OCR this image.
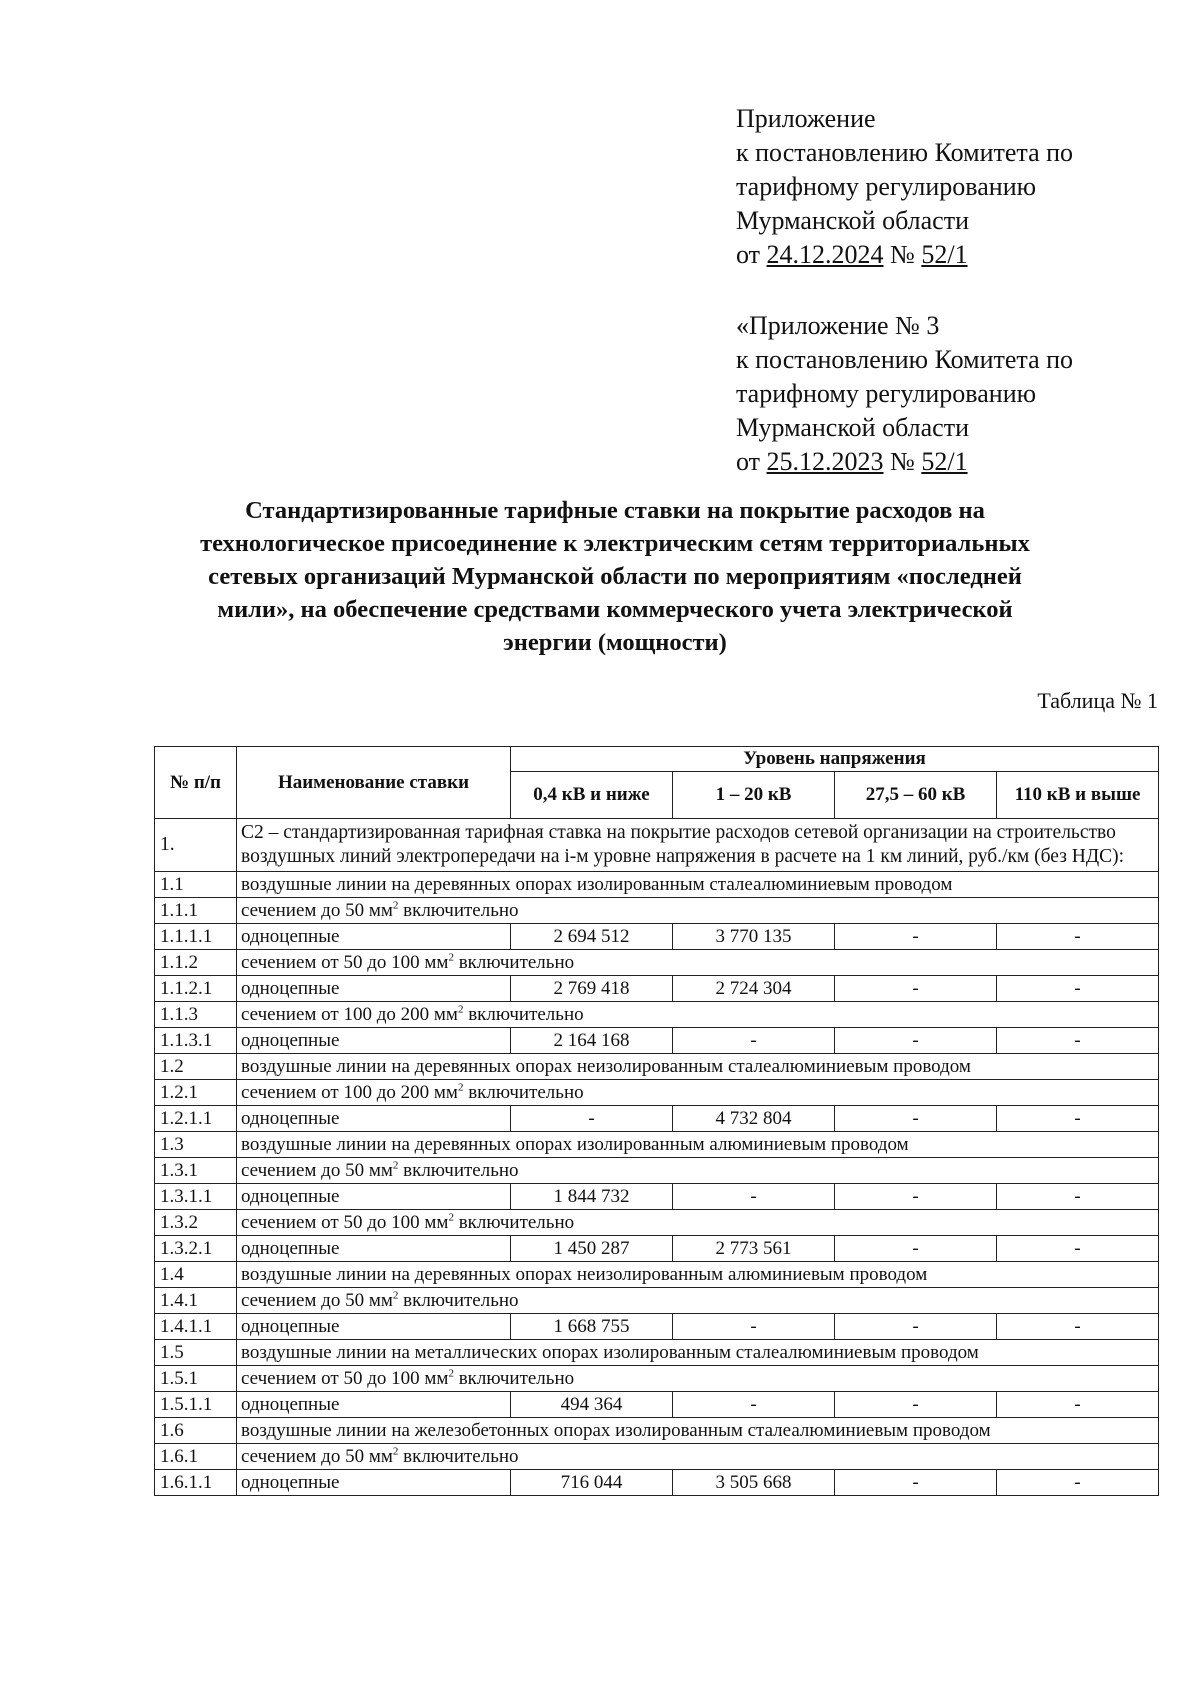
Приложение
к постановлению Комитета по
тарифному регулированию
Мурманской области
от 24.12.2024 № 52/1
«Приложение № 3
к постановлению Комитета по
тарифному регулированию
Мурманской области
от 25.12.2023 № 52/1
Стандартизированные тарифные ставки на покрытие расходов на
технологическое присоединение к электрическим сетям территориальных
сетевых организаций Мурманской области по мероприятиям «последней
мили», на обеспечение средствами коммерческого учета электрической
энергии (мощности)
Таблица № 1
№ п/п	Наименование ставки	Уровень напряжения			
		0,4 кВ и ниже	1 – 20 кВ	27,5 – 60 кВ	110 кВ и выше
1.	С2 – стандартизированная тарифная ставка на покрытие расходов сетевой организации на строительство воздушных линий электропередачи на i-м уровне напряжения в расчете на 1 км линий, руб./км (без НДС):				
1.1	воздушные линии на деревянных опорах изолированным сталеалюминиевым проводом				
1.1.1	сечением до 50 $мм^2$ включительно				
1.1.1.1	одноцепные	2 694 512	3 770 135	-	-
1.1.2	сечением от 50 до 100 $мм^2$ включительно				
1.1.2.1	одноцепные	2 769 418	2 724 304	-	-
1.1.3	сечением от 100 до 200 $мм^2$ включительно				
1.1.3.1	одноцепные	2 164 168	-	-	-
1.2	воздушные линии на деревянных опорах неизолированным сталеалюминиевым проводом				
1.2.1	сечением от 100 до 200 $мм^2$ включительно				
1.2.1.1	одноцепные	-	4 732 804	-	-
1.3	воздушные линии на деревянных опорах изолированным алюминиевым проводом				
1.3.1	сечением до 50 $мм^2$ включительно				
1.3.1.1	одноцепные	1 844 732	-	-	-
1.3.2	сечением от 50 до 100 $мм^2$ включительно				
1.3.2.1	одноцепные	1 450 287	2 773 561	-	-
1.4	воздушные линии на деревянных опорах неизолированным алюминиевым проводом				
1.4.1	сечением до 50 $мм^2$ включительно				
1.4.1.1	одноцепные	1 668 755	-	-	-
1.5	воздушные линии на металлических опорах изолированным сталеалюминиевым проводом				
1.5.1	сечением от 50 до 100 $мм^2$ включительно				
1.5.1.1	одноцепные	494 364	-	-	-
1.6	воздушные линии на железобетонных опорах изолированным сталеалюминиевым проводом				
1.6.1	сечением до 50 $мм^2$ включительно				
1.6.1.1	одноцепные	716 044	3 505 668	-	-
